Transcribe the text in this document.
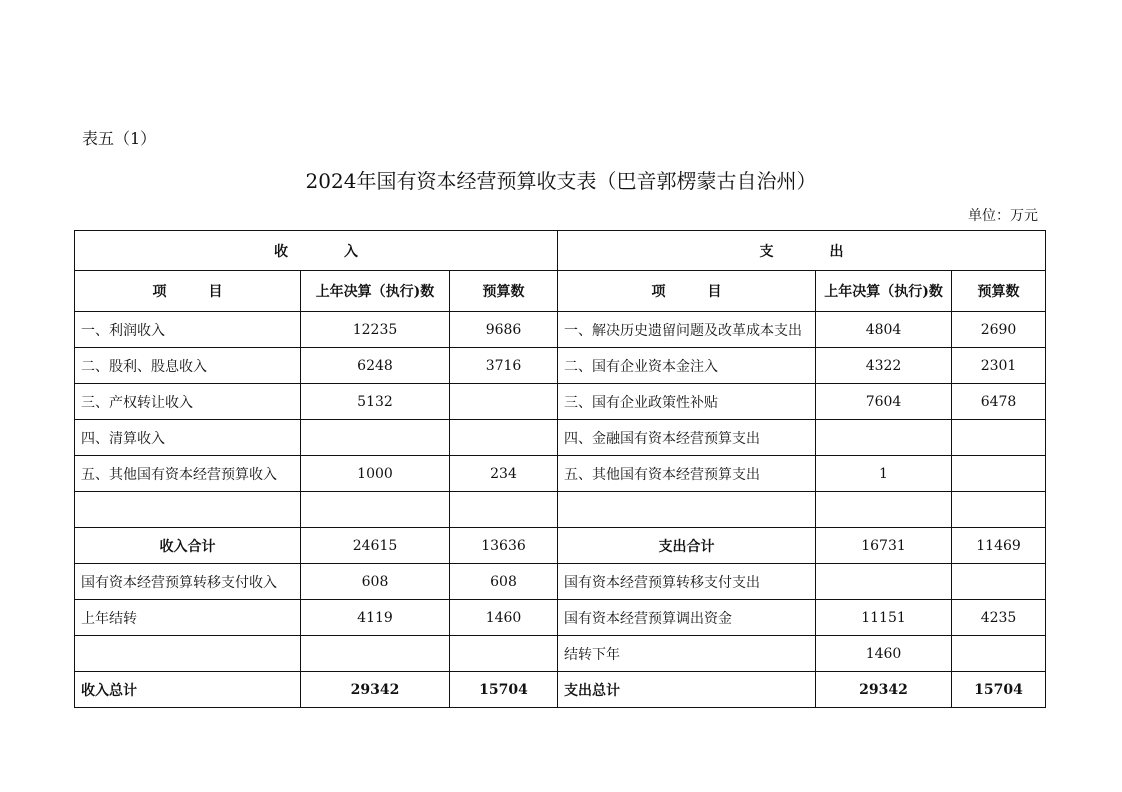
表五（1）
2024年国有资本经营预算收支表（巴音郭楞蒙古自治州）
单位：万元
收　　　　入			支　　　　出		
项　　　目	上年决算（执行)数	预算数	项　　　目	上年决算（执行)数	预算数
一、利润收入	12235	9686	一、解决历史遗留问题及改革成本支出	4804	2690
二、股利、股息收入	6248	3716	二、国有企业资本金注入	4322	2301
三、产权转让收入	5132		三、国有企业政策性补贴	7604	6478
四、清算收入			四、金融国有资本经营预算支出		
五、其他国有资本经营预算收入	1000	234	五、其他国有资本经营预算支出	1	

收入合计	24615	13636	支出合计	16731	11469
国有资本经营预算转移支付收入	608	608	国有资本经营预算转移支付支出		
上年结转	4119	1460	国有资本经营预算调出资金	11151	4235
			结转下年	1460	
收入总计	29342	15704	支出总计	29342	15704
